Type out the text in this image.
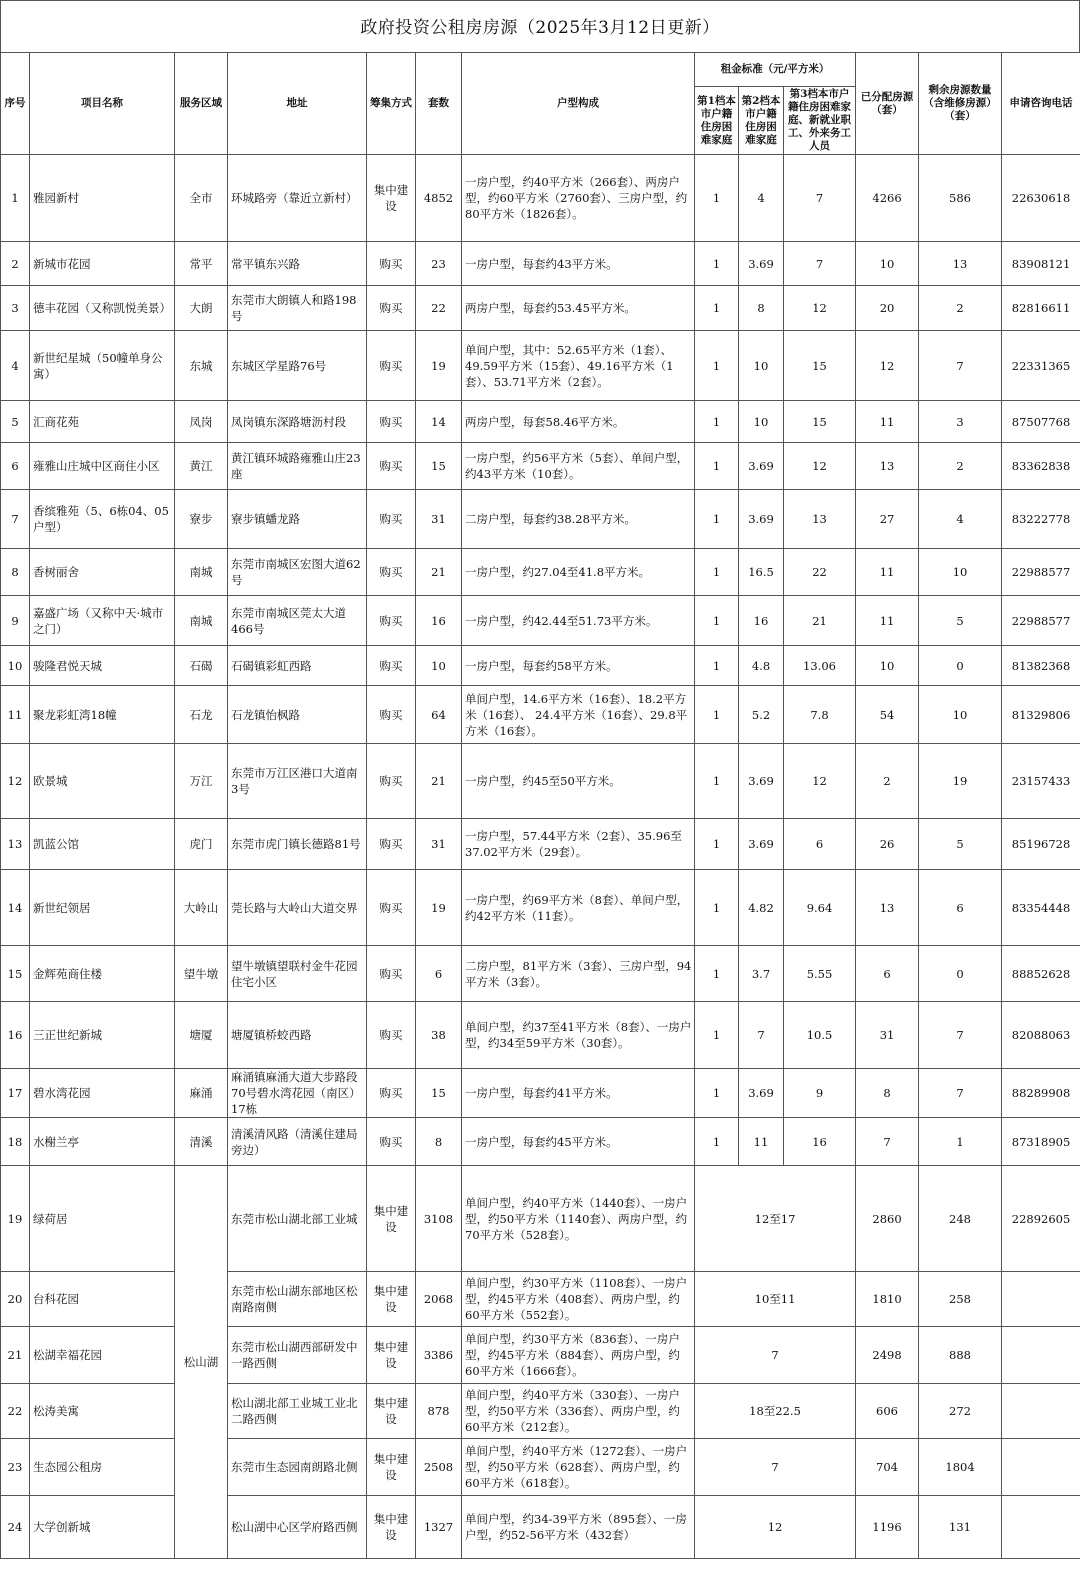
政府投资公租房房源（2025年3月12日更新）
序号	项目名称	服务区域	地址	筹集方式	套数	户型构成	租金标准（元/平方米）			已分配房源（套）	剩余房源数量（含维修房源）（套）	申请咨询电话
							第1档本市户籍住房困难家庭	第2档本市户籍住房困难家庭	第3档本市户籍住房困难家庭、新就业职工、外来务工人员			
1	雅园新村	全市	环城路旁（靠近立新村）	集中建设	4852	一房户型，约40平方米（266套）、两房户型，约60平方米（2760套）、三房户型，约80平方米（1826套）。	1	4	7	4266	586	22630618
2	新城市花园	常平	常平镇东兴路	购买	23	一房户型，每套约43平方米。	1	3.69	7	10	13	83908121
3	德丰花园（又称凯悦美景）	大朗	东莞市大朗镇人和路198号	购买	22	两房户型，每套约53.45平方米。	1	8	12	20	2	82816611
4	新世纪星城（50幢单身公寓）	东城	东城区学星路76号	购买	19	单间户型，其中：52.65平方米（1套）、49.59平方米（15套）、49.16平方米（1套）、53.71平方米（2套）。	1	10	15	12	7	22331365
5	汇商花苑	凤岗	凤岗镇东深路塘沥村段	购买	14	两房户型，每套58.46平方米。	1	10	15	11	3	87507768
6	雍雅山庄城中区商住小区	黄江	黄江镇环城路雍雅山庄23座	购买	15	一房户型，约56平方米（5套）、单间户型，约43平方米（10套）。	1	3.69	12	13	2	83362838
7	香缤雅苑（5、6栋04、05户型）	寮步	寮步镇蟠龙路	购买	31	二房户型，每套约38.28平方米。	1	3.69	13	27	4	83222778
8	香树丽舍	南城	东莞市南城区宏图大道62号	购买	21	一房户型，约27.04至41.8平方米。	1	16.5	22	11	10	22988577
9	嘉盛广场（又称中天·城市之门）	南城	东莞市南城区莞太大道466号	购买	16	一房户型，约42.44至51.73平方米。	1	16	21	11	5	22988577
10	骏隆君悦天城	石碣	石碣镇彩虹西路	购买	10	一房户型，每套约58平方米。	1	4.8	13.06	10	0	81382368
11	聚龙彩虹湾18幢	石龙	石龙镇怡枫路	购买	64	单间户型，14.6平方米（16套）、18.2平方米（16套）、 24.4平方米（16套）、29.8平方米（16套）。	1	5.2	7.8	54	10	81329806
12	欧景城	万江	东莞市万江区港口大道南3号	购买	21	一房户型，约45至50平方米。	1	3.69	12	2	19	23157433
13	凯蓝公馆	虎门	东莞市虎门镇长德路81号	购买	31	一房户型，57.44平方米（2套）、35.96至37.02平方米（29套）。	1	3.69	6	26	5	85196728
14	新世纪领居	大岭山	莞长路与大岭山大道交界	购买	19	一房户型，约69平方米（8套）、单间户型，约42平方米（11套）。	1	4.82	9.64	13	6	83354448
15	金辉苑商住楼	望牛墩	望牛墩镇望联村金牛花园住宅小区	购买	6	二房户型，81平方米（3套）、三房户型，94平方米（3套）。	1	3.7	5.55	6	0	88852628
16	三正世纪新城	塘厦	塘厦镇桥蛟西路	购买	38	单间户型，约37至41平方米（8套）、一房户型，约34至59平方米（30套）。	1	7	10.5	31	7	82088063
17	碧水湾花园	麻涌	麻涌镇麻涌大道大步路段70号碧水湾花园（南区）17栋	购买	15	一房户型，每套约41平方米。	1	3.69	9	8	7	88289908
18	水榭兰亭	清溪	清溪清风路（清溪住建局旁边）	购买	8	一房户型，每套约45平方米。	1	11	16	7	1	87318905
19	绿荷居	松山湖	东莞市松山湖北部工业城	集中建设	3108	单间户型，约40平方米（1440套）、一房户型，约50平方米（1140套）、两房户型，约70平方米（528套）。	12至17			2860	248	22892605
20	台科花园		东莞市松山湖东部地区松南路南侧	集中建设	2068	单间户型，约30平方米（1108套）、一房户型，约45平方米（408套）、两房户型，约60平方米（552套）。	10至11			1810	258	
21	松湖幸福花园		东莞市松山湖西部研发中一路西侧	集中建设	3386	单间户型，约30平方米（836套）、一房户型，约45平方米（884套）、两房户型，约60平方米（1666套）。	7			2498	888	
22	松涛美寓		松山湖北部工业城工业北二路西侧	集中建设	878	单间户型，约40平方米（330套）、一房户型，约50平方米（336套）、两房户型，约60平方米（212套）。	18至22.5			606	272	
23	生态园公租房		东莞市生态园南朗路北侧	集中建设	2508	单间户型，约40平方米（1272套）、一房户型，约50平方米（628套）、两房户型，约60平方米（618套）。	7			704	1804	
24	大学创新城		松山湖中心区学府路西侧	集中建设	1327	单间户型，约34-39平方米（895套）、一房户型，约52-56平方米（432套）	12			1196	131	
